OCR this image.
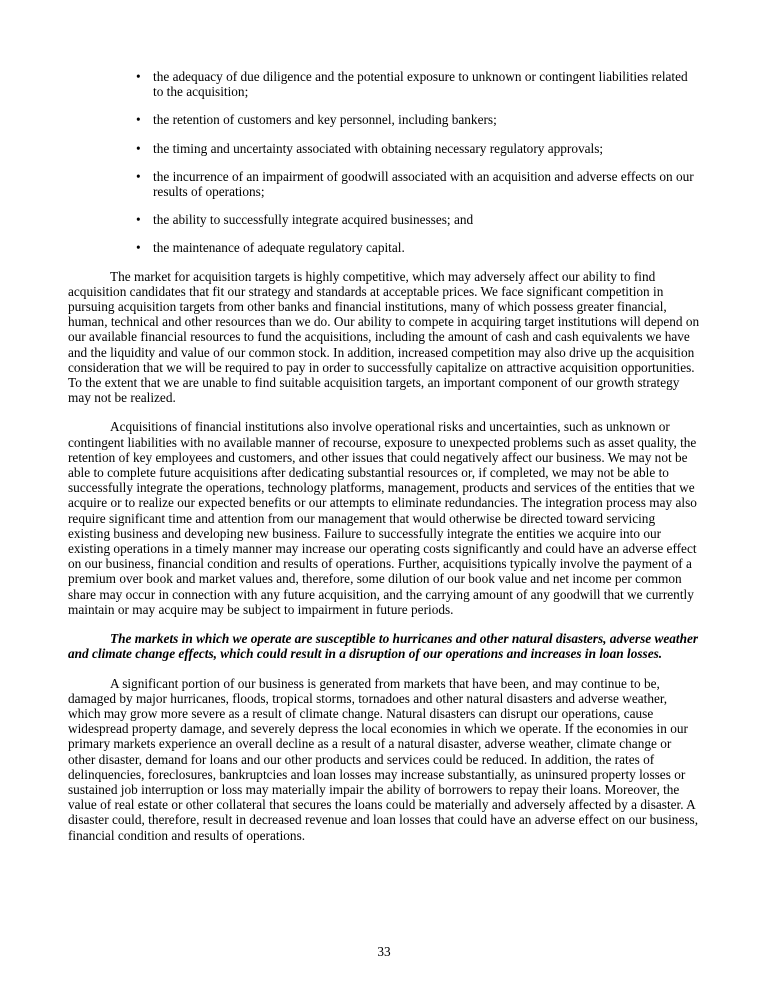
• the adequacy of due diligence and the potential exposure to unknown or contingent liabilities related to the acquisition;
• the retention of customers and key personnel, including bankers;
• the timing and uncertainty associated with obtaining necessary regulatory approvals;
• the incurrence of an impairment of goodwill associated with an acquisition and adverse effects on our results of operations;
• the ability to successfully integrate acquired businesses; and
• the maintenance of adequate regulatory capital.

The market for acquisition targets is highly competitive, which may adversely affect our ability to find acquisition candidates that fit our strategy and standards at acceptable prices. We face significant competition in pursuing acquisition targets from other banks and financial institutions, many of which possess greater financial, human, technical and other resources than we do. Our ability to compete in acquiring target institutions will depend on our available financial resources to fund the acquisitions, including the amount of cash and cash equivalents we have and the liquidity and value of our common stock. In addition, increased competition may also drive up the acquisition consideration that we will be required to pay in order to successfully capitalize on attractive acquisition opportunities. To the extent that we are unable to find suitable acquisition targets, an important component of our growth strategy may not be realized.

Acquisitions of financial institutions also involve operational risks and uncertainties, such as unknown or contingent liabilities with no available manner of recourse, exposure to unexpected problems such as asset quality, the retention of key employees and customers, and other issues that could negatively affect our business. We may not be able to complete future acquisitions after dedicating substantial resources or, if completed, we may not be able to successfully integrate the operations, technology platforms, management, products and services of the entities that we acquire or to realize our expected benefits or our attempts to eliminate redundancies. The integration process may also require significant time and attention from our management that would otherwise be directed toward servicing existing business and developing new business. Failure to successfully integrate the entities we acquire into our existing operations in a timely manner may increase our operating costs significantly and could have an adverse effect on our business, financial condition and results of operations. Further, acquisitions typically involve the payment of a premium over book and market values and, therefore, some dilution of our book value and net income per common share may occur in connection with any future acquisition, and the carrying amount of any goodwill that we currently maintain or may acquire may be subject to impairment in future periods.

The markets in which we operate are susceptible to hurricanes and other natural disasters, adverse weather and climate change effects, which could result in a disruption of our operations and increases in loan losses.

A significant portion of our business is generated from markets that have been, and may continue to be, damaged by major hurricanes, floods, tropical storms, tornadoes and other natural disasters and adverse weather, which may grow more severe as a result of climate change. Natural disasters can disrupt our operations, cause widespread property damage, and severely depress the local economies in which we operate. If the economies in our primary markets experience an overall decline as a result of a natural disaster, adverse weather, climate change or other disaster, demand for loans and our other products and services could be reduced. In addition, the rates of delinquencies, foreclosures, bankruptcies and loan losses may increase substantially, as uninsured property losses or sustained job interruption or loss may materially impair the ability of borrowers to repay their loans. Moreover, the value of real estate or other collateral that secures the loans could be materially and adversely affected by a disaster. A disaster could, therefore, result in decreased revenue and loan losses that could have an adverse effect on our business, financial condition and results of operations.

33
